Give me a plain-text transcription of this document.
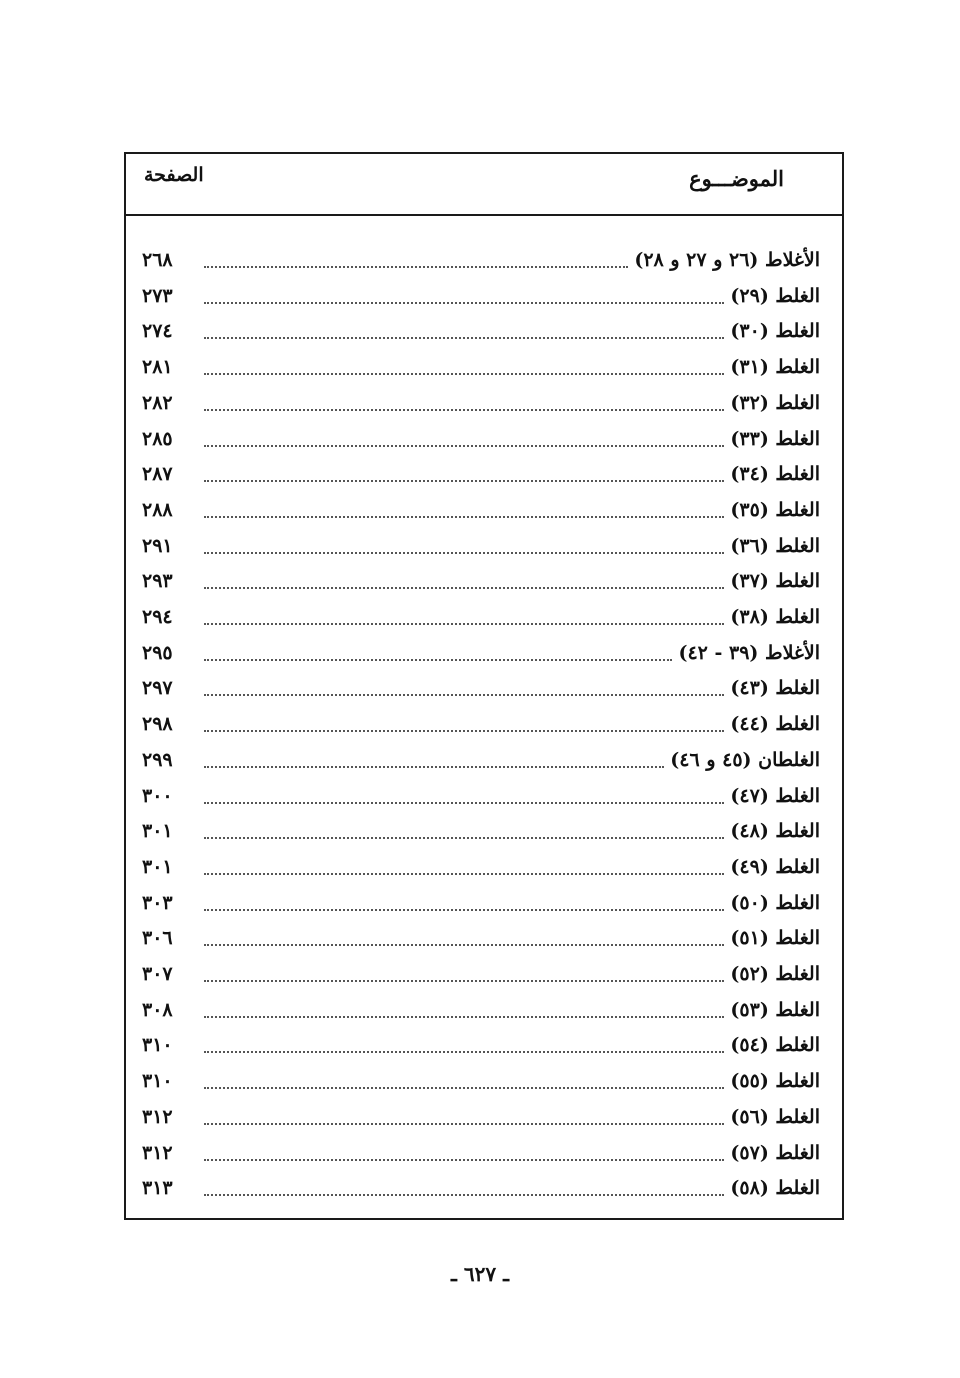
الموضـــوع
الصفحة
الأغلاط (٢٦ و ٢٧ و ٢٨)
٢٦٨
الغلط (٢٩)
٢٧٣
الغلط (٣٠)
٢٧٤
الغلط (٣١)
٢٨١
الغلط (٣٢)
٢٨٢
الغلط (٣٣)
٢٨٥
الغلط (٣٤)
٢٨٧
الغلط (٣٥)
٢٨٨
الغلط (٣٦)
٢٩١
الغلط (٣٧)
٢٩٣
الغلط (٣٨)
٢٩٤
الأغلاط (٣٩ - ٤٢)
٢٩٥
الغلط (٤٣)
٢٩٧
الغلط (٤٤)
٢٩٨
الغلطان (٤٥ و ٤٦)
٢٩٩
الغلط (٤٧)
٣٠٠
الغلط (٤٨)
٣٠١
الغلط (٤٩)
٣٠١
الغلط (٥٠)
٣٠٣
الغلط (٥١)
٣٠٦
الغلط (٥٢)
٣٠٧
الغلط (٥٣)
٣٠٨
الغلط (٥٤)
٣١٠
الغلط (٥٥)
٣١٠
الغلط (٥٦)
٣١٢
الغلط (٥٧)
٣١٢
الغلط (٥٨)
٣١٣
ـ ٦٢٧ ـ
